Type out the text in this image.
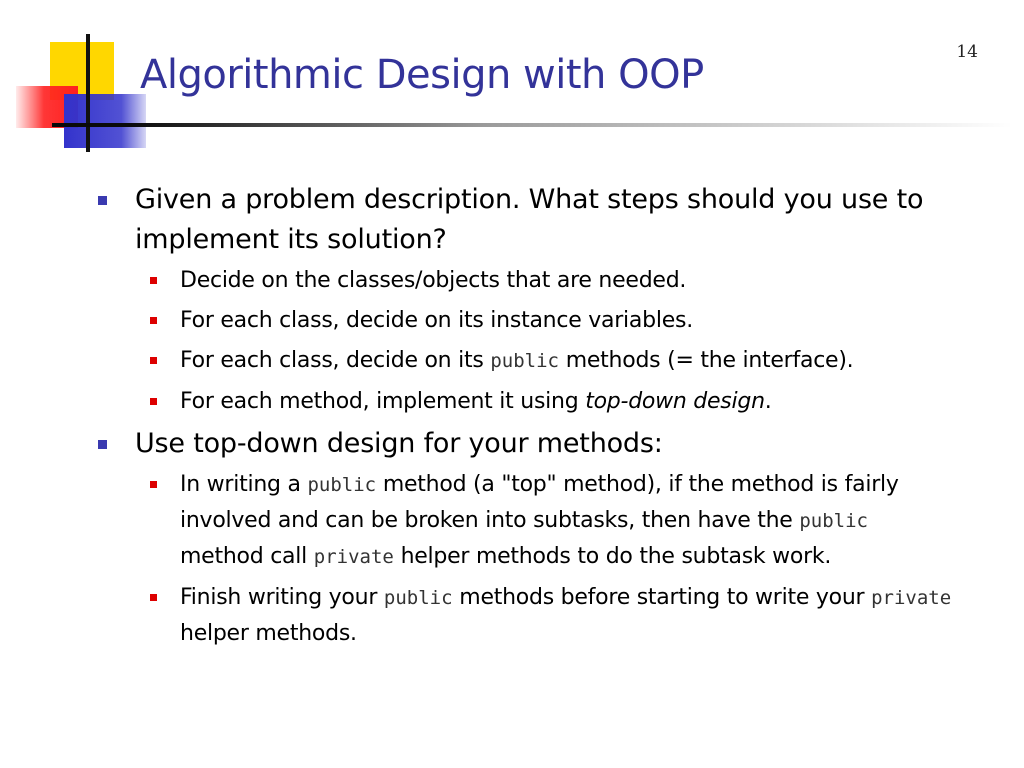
14
Algorithmic Design with OOP
Given a problem description. What steps should you use to implement its solution?
Decide on the classes/objects that are needed.
For each class, decide on its instance variables.
For each class, decide on its public methods (= the interface).
For each method, implement it using top-down design.
Use top-down design for your methods:
In writing a public method (a "top" method), if the method is fairly involved and can be broken into subtasks, then have the public method call private helper methods to do the subtask work.
Finish writing your public methods before starting to write your private helper methods.
